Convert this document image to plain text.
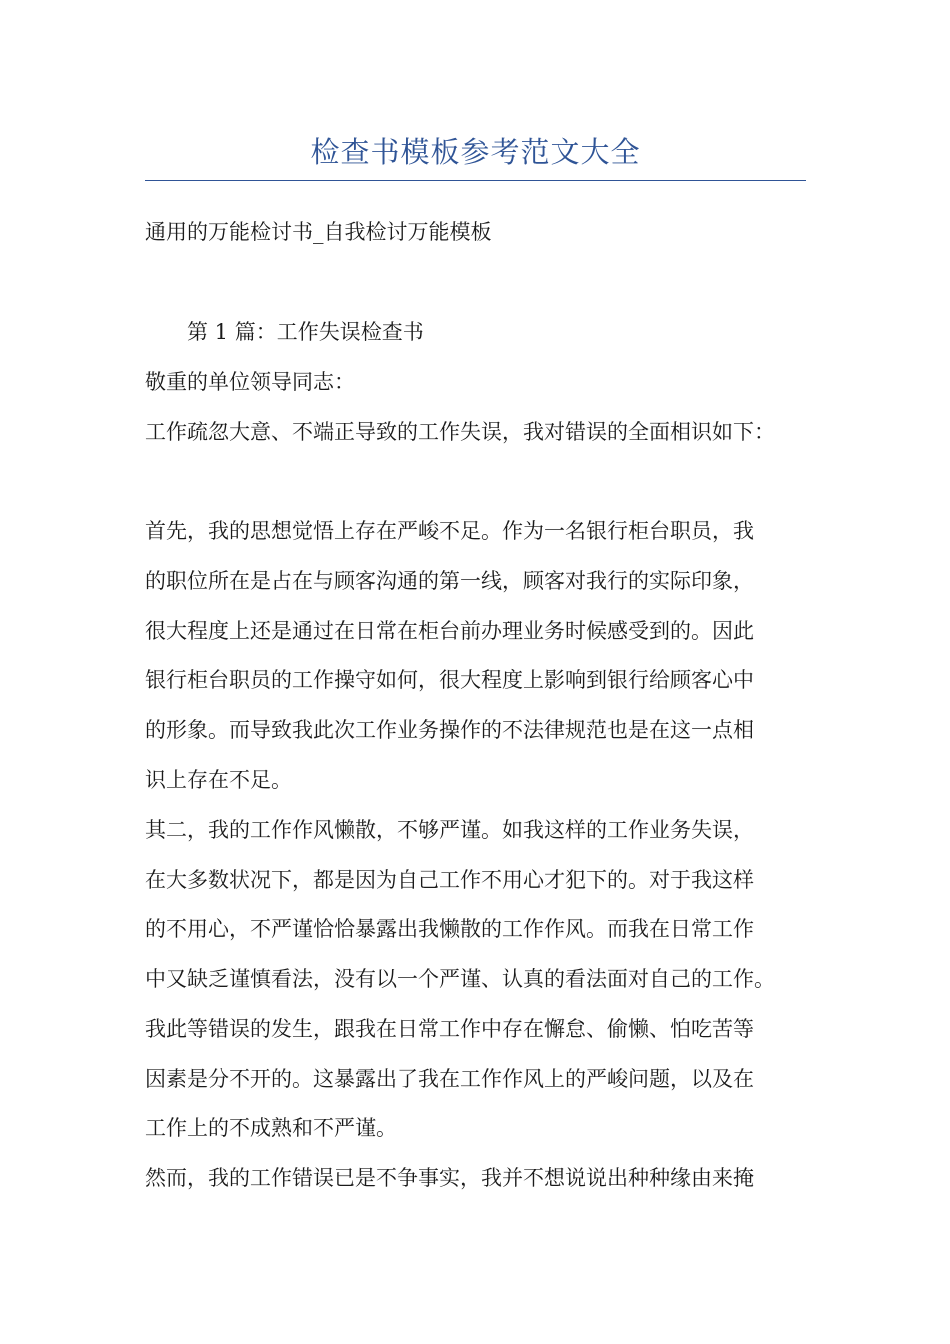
检查书模板参考范文大全
通用的万能检讨书_自我检讨万能模板
第 1 篇：工作失误检查书
敬重的单位领导同志：
工作疏忽大意、不端正导致的工作失误，我对错误的全面相识如下：
首先，我的思想觉悟上存在严峻不足。作为一名银行柜台职员，我
的职位所在是占在与顾客沟通的第一线，顾客对我行的实际印象，
很大程度上还是通过在日常在柜台前办理业务时候感受到的。因此
银行柜台职员的工作操守如何，很大程度上影响到银行给顾客心中
的形象。而导致我此次工作业务操作的不法律规范也是在这一点相
识上存在不足。
其二，我的工作作风懒散，不够严谨。如我这样的工作业务失误，
在大多数状况下，都是因为自己工作不用心才犯下的。对于我这样
的不用心，不严谨恰恰暴露出我懒散的工作作风。而我在日常工作
中又缺乏谨慎看法，没有以一个严谨、认真的看法面对自己的工作。
我此等错误的发生，跟我在日常工作中存在懈怠、偷懒、怕吃苦等
因素是分不开的。这暴露出了我在工作作风上的严峻问题，以及在
工作上的不成熟和不严谨。
然而，我的工作错误已是不争事实，我并不想说说出种种缘由来掩
